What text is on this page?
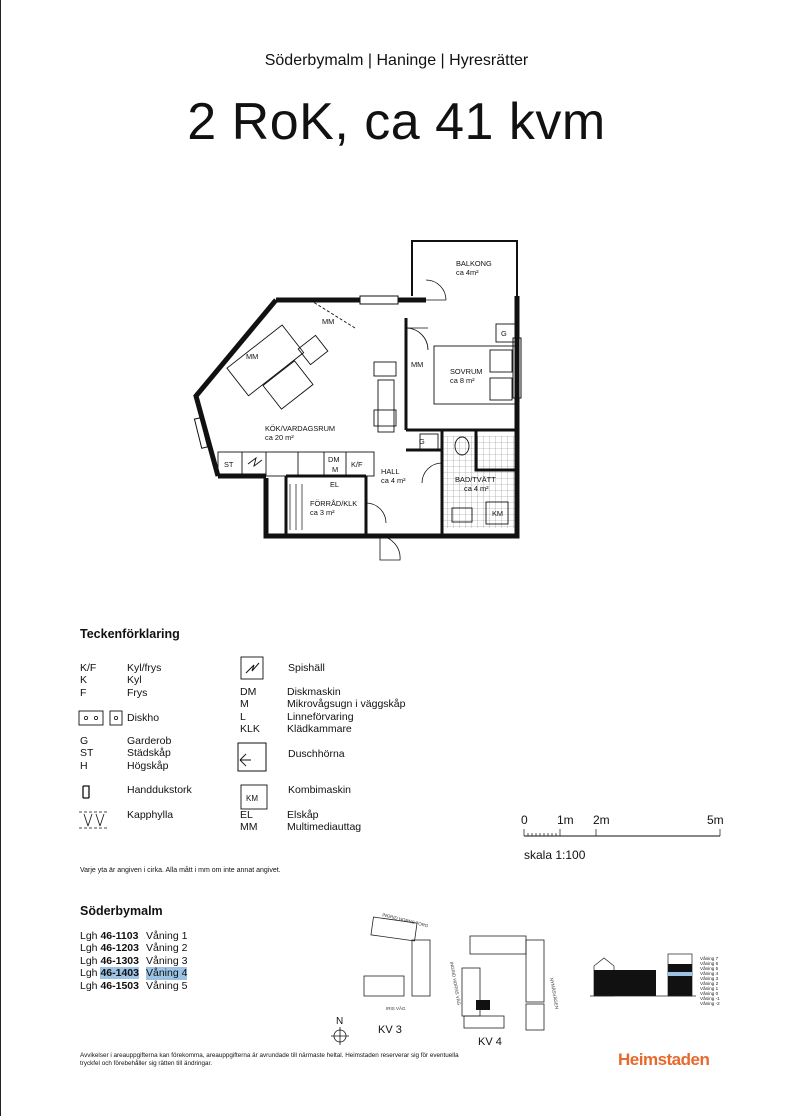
Söderbymalm | Haninge | Hyresrätter
2 RoK, ca 41 kvm
BALKONG
ca 4m²
SOVRUM
ca 8 m²
KÖK/VARDAGSRUM
ca 20 m²
HALL
ca 4 m²
FÖRRÅD/KLK
ca 3 m²
BAD/TVÄTT
ca 4 m²
MM
MM
MM
G
G
ST
DM
M
K/F
EL
KM
Teckenförklaring
K/F	Kyl/frys
K	Kyl
F	Frys
Diskho
G	Garderob
ST	Städskåp
H	Högskåp
Handdukstork
Kapphylla
Spishäll
DM	Diskmaskin
M	Mikrovågsugn i väggskåp
L	Linneförvaring
KLK	Klädkammare
Duschhörna
KM
Kombimaskin
EL	Elskåp
MM	Multimediauttag
0 1m 2m	5m
skala 1:100
Varje yta är angiven i cirka. Alla mått i mm om inte annat angivet.
Söderbymalm
Lgh 46-1103 Våning 1
Lgh 46-1203 Våning 2
Lgh 46-1303 Våning 3
Lgh 46-1403 Våning 4
Lgh 46-1503 Våning 5
INGRID HORNS TORG
INGRID HORNS VÄG
IRIS VÄG	NYMÅSVÄGEN
KV 3
KV 4
N
Våning 7
Våning 6
Våning 5
Våning 4
Våning 3
Våning 2
Våning 1
Våning 0
Våning -1
Våning -2
Avvikelser i areauppgifterna kan förekomma, areauppgifterna är avrundade till närmaste heltal. Heimstaden reserverar sig för eventuella tryckfel och förebehåller sig rätten till ändringar.	Heimstaden
